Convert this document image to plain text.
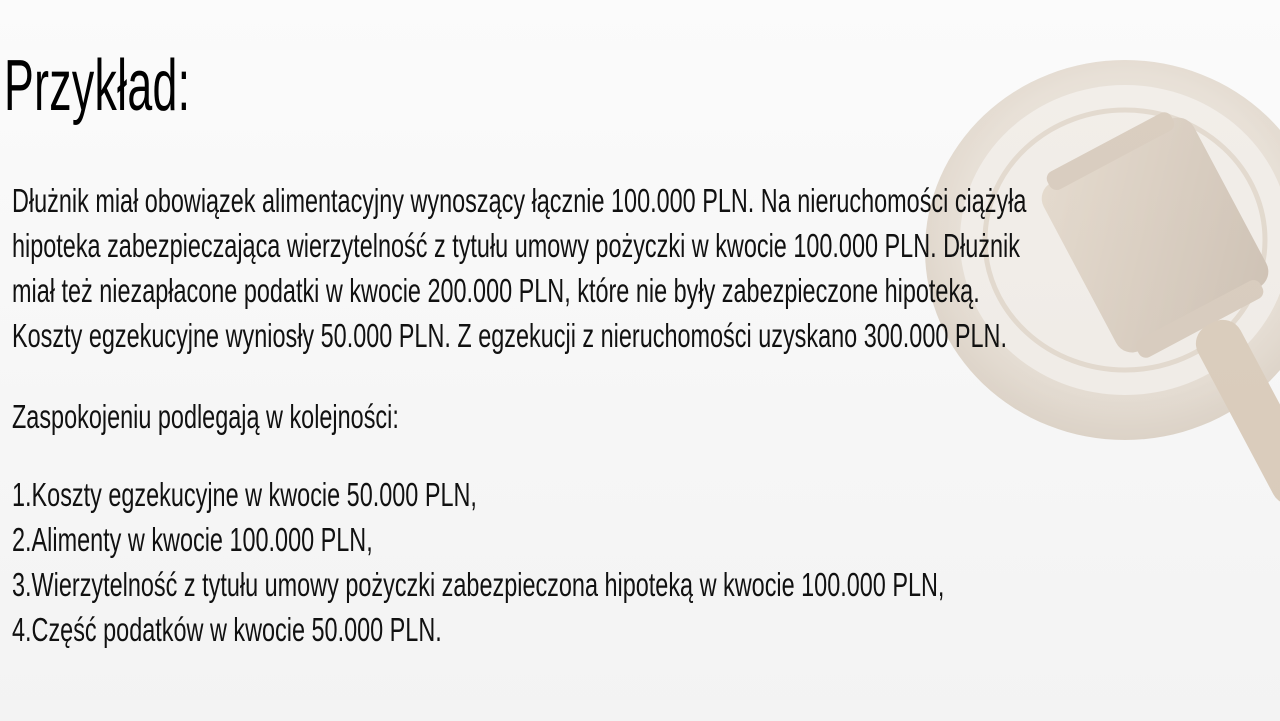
Przykład:
Dłużnik miał obowiązek alimentacyjny wynoszący łącznie 100.000 PLN. Na nieruchomości ciążyła
hipoteka zabezpieczająca wierzytelność z tytułu umowy pożyczki w kwocie 100.000 PLN. Dłużnik
miał też niezapłacone podatki w kwocie 200.000 PLN, które nie były zabezpieczone hipoteką.
Koszty egzekucyjne wyniosły 50.000 PLN. Z egzekucji z nieruchomości uzyskano 300.000 PLN.
Zaspokojeniu podlegają w kolejności:
1.Koszty egzekucyjne w kwocie 50.000 PLN,
2.Alimenty w kwocie 100.000 PLN,
3.Wierzytelność z tytułu umowy pożyczki zabezpieczona hipoteką w kwocie 100.000 PLN,
4.Część podatków w kwocie 50.000 PLN.
